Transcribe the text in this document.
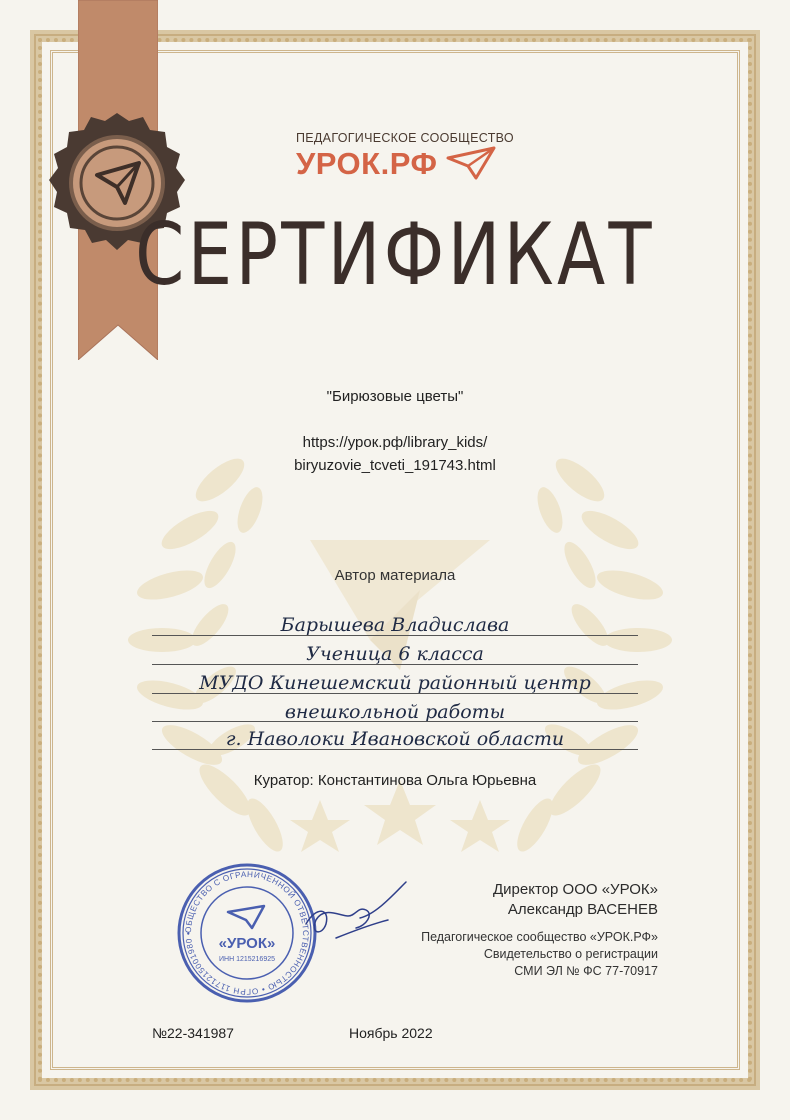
ПЕДАГОГИЧЕСКОЕ СООБЩЕСТВО
УРОК.РФ
СЕРТИФИКАТ
"Бирюзовые цветы"
https://урок.рф/library_kids/
biryuzovie_tcveti_191743.html
Автор материала
Барышева Владислава
Ученица 6 класса
МУДО Кинешемский районный центр
внешкольной работы
г. Наволоки Ивановской области
Куратор: Константинова Ольга Юрьевна
ОБЩЕСТВО С ОГРАНИЧЕННОЙ ОТВЕТСТВЕННОСТЬЮ • ОГРН 1171215001980 •
«УРОК»
ИНН 1215216925
Директор ООО «УРОК»
Александр ВАСЕНЕВ
Педагогическое сообщество «УРОК.РФ»
Свидетельство о регистрации
СМИ ЭЛ № ФС 77-70917
№22-341987	Ноябрь 2022
